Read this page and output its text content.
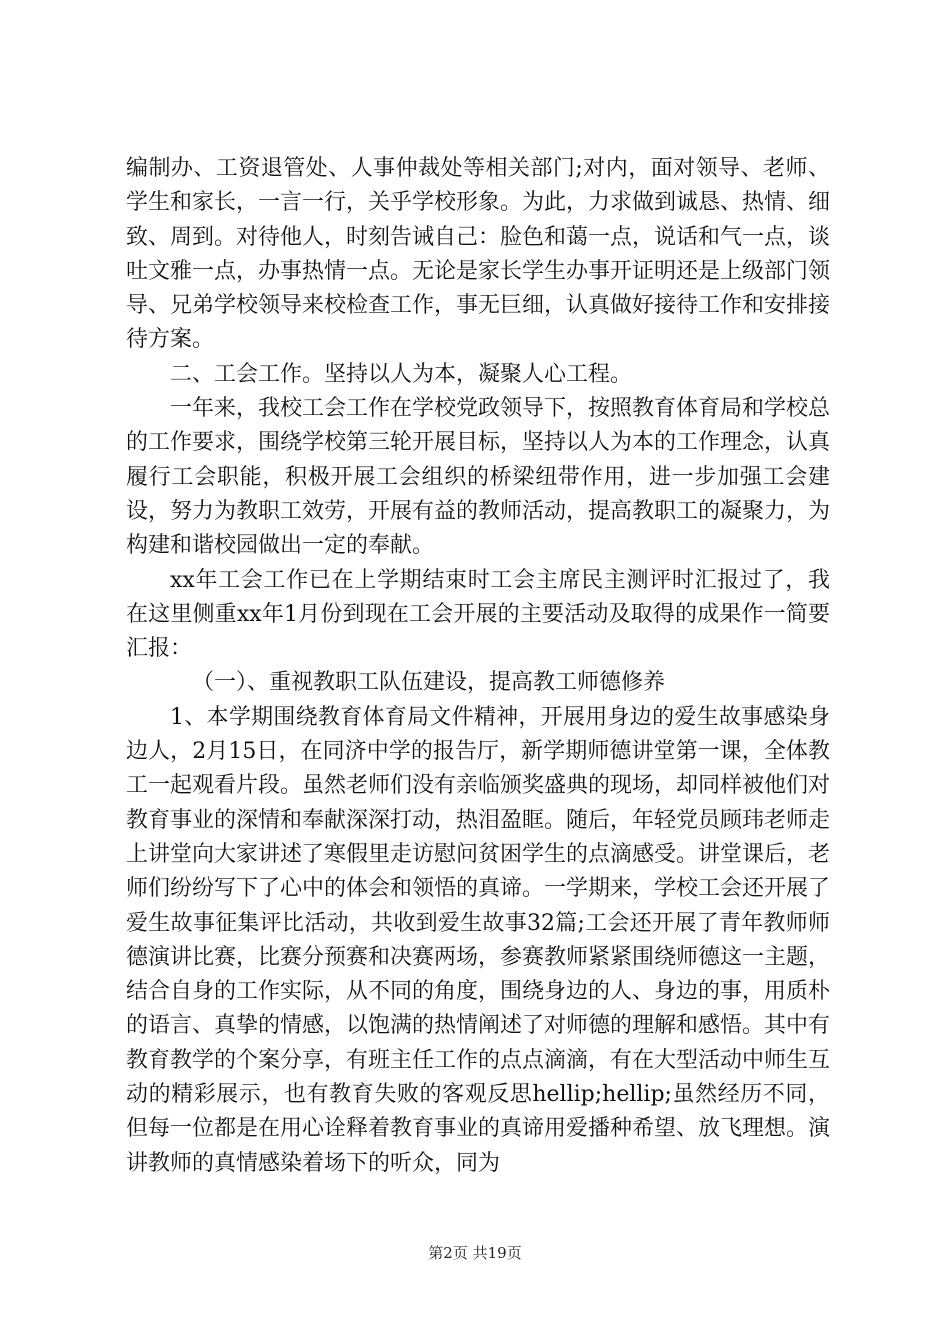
编制办、工资退管处、人事仲裁处等相关部门;对内，面对领导、老师、学生和家长，一言一行，关乎学校形象。为此，力求做到诚恳、热情、细致、周到。对待他人，时刻告诫自己：脸色和蔼一点，说话和气一点，谈吐文雅一点，办事热情一点。无论是家长学生办事开证明还是上级部门领导、兄弟学校领导来校检查工作，事无巨细，认真做好接待工作和安排接待方案。

二、工会工作。坚持以人为本，凝聚人心工程。

一年来，我校工会工作在学校党政领导下，按照教育体育局和学校总的工作要求，围绕学校第三轮开展目标，坚持以人为本的工作理念，认真履行工会职能，积极开展工会组织的桥梁纽带作用，进一步加强工会建设，努力为教职工效劳，开展有益的教师活动，提高教职工的凝聚力，为构建和谐校园做出一定的奉献。

xx年工会工作已在上学期结束时工会主席民主测评时汇报过了，我在这里侧重xx年1月份到现在工会开展的主要活动及取得的成果作一简要汇报：

（一）、重视教职工队伍建设，提高教工师德修养

1、本学期围绕教育体育局文件精神，开展用身边的爱生故事感染身边人，2月15日，在同济中学的报告厅，新学期师德讲堂第一课，全体教工一起观看片段。虽然老师们没有亲临颁奖盛典的现场，却同样被他们对教育事业的深情和奉献深深打动，热泪盈眶。随后，年轻党员顾玮老师走上讲堂向大家讲述了寒假里走访慰问贫困学生的点滴感受。讲堂课后，老师们纷纷写下了心中的体会和领悟的真谛。一学期来，学校工会还开展了爱生故事征集评比活动，共收到爱生故事32篇;工会还开展了青年教师师德演讲比赛，比赛分预赛和决赛两场，参赛教师紧紧围绕师德这一主题，结合自身的工作实际，从不同的角度，围绕身边的人、身边的事，用质朴的语言、真挚的情感，以饱满的热情阐述了对师德的理解和感悟。其中有教育教学的个案分享，有班主任工作的点点滴滴，有在大型活动中师生互动的精彩展示，也有教育失败的客观反思hellip;hellip;虽然经历不同，但每一位都是在用心诠释着教育事业的真谛用爱播种希望、放飞理想。演讲教师的真情感染着场下的听众，同为

第2页 共19页
